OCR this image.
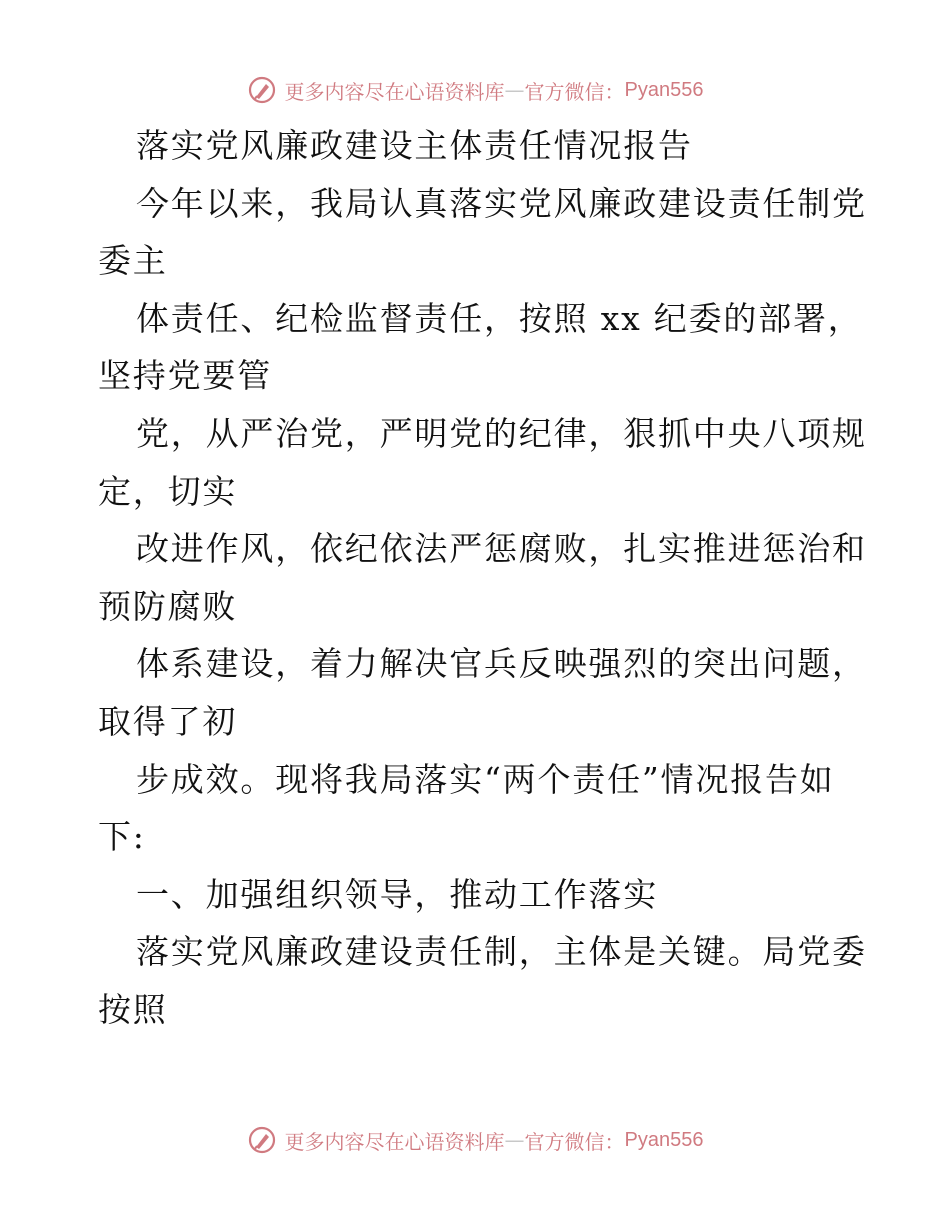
更多内容尽在心语资料库 — 官方微信： Pyan556
落实党风廉政建设主体责任情况报告
今年以来，我局认真落实党风廉政建设责任制党
委主
体责任、纪检监督责任，按照 xx 纪委的部署，
坚持党要管
党，从严治党，严明党的纪律，狠抓中央八项规
定，切实
改进作风，依纪依法严惩腐败，扎实推进惩治和
预防腐败
体系建设，着力解决官兵反映强烈的突出问题，
取得了初
步成效。现将我局落实“两个责任”情况报告如
下:
一、加强组织领导，推动工作落实
落实党风廉政建设责任制，主体是关键。局党委
按照
更多内容尽在心语资料库 — 官方微信： Pyan556
